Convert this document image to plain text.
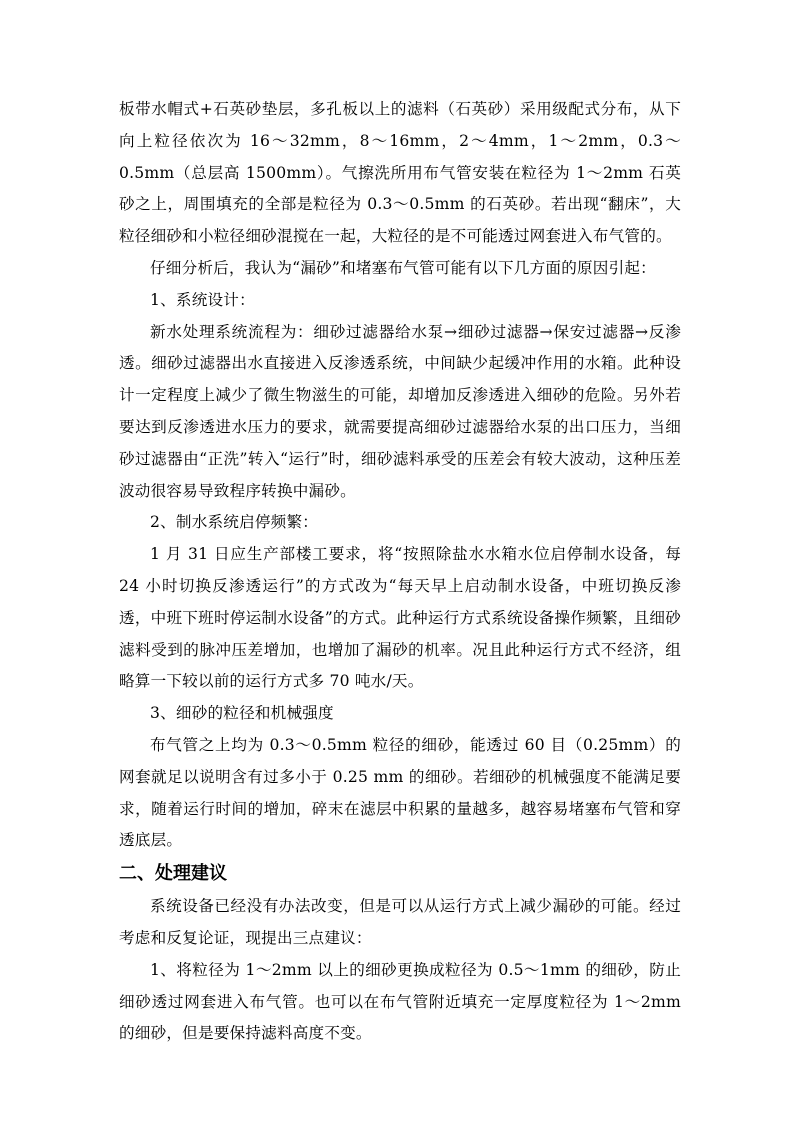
板带水帽式+石英砂垫层，多孔板以上的滤料（石英砂）采用级配式分布，从下向上粒径依次为 16～32mm，8～16mm，2～4mm，1～2mm，0.3～0.5mm（总层高 1500mm）。气擦洗所用布气管安装在粒径为 1～2mm 石英砂之上，周围填充的全部是粒径为 0.3～0.5mm 的石英砂。若出现“翻床”，大粒径细砂和小粒径细砂混搅在一起，大粒径的是不可能透过网套进入布气管的。

仔细分析后，我认为“漏砂”和堵塞布气管可能有以下几方面的原因引起：

1、系统设计：

新水处理系统流程为：细砂过滤器给水泵→细砂过滤器→保安过滤器→反渗透。细砂过滤器出水直接进入反渗透系统，中间缺少起缓冲作用的水箱。此种设计一定程度上减少了微生物滋生的可能，却增加反渗透进入细砂的危险。另外若要达到反渗透进水压力的要求，就需要提高细砂过滤器给水泵的出口压力，当细砂过滤器由“正洗”转入“运行”时，细砂滤料承受的压差会有较大波动，这种压差波动很容易导致程序转换中漏砂。

2、制水系统启停频繁：

1 月 31 日应生产部楼工要求，将“按照除盐水水箱水位启停制水设备，每 24 小时切换反渗透运行”的方式改为“每天早上启动制水设备，中班切换反渗透，中班下班时停运制水设备”的方式。此种运行方式系统设备操作频繁，且细砂滤料受到的脉冲压差增加，也增加了漏砂的机率。况且此种运行方式不经济，组略算一下较以前的运行方式多 70 吨水/天。

3、细砂的粒径和机械强度

布气管之上均为 0.3～0.5mm 粒径的细砂，能透过 60 目（0.25mm）的网套就足以说明含有过多小于 0.25 mm 的细砂。若细砂的机械强度不能满足要求，随着运行时间的增加，碎末在滤层中积累的量越多，越容易堵塞布气管和穿透底层。

二、处理建议

系统设备已经没有办法改变，但是可以从运行方式上减少漏砂的可能。经过考虑和反复论证，现提出三点建议：

1、将粒径为 1～2mm 以上的细砂更换成粒径为 0.5～1mm 的细砂，防止细砂透过网套进入布气管。也可以在布气管附近填充一定厚度粒径为 1～2mm 的细砂，但是要保持滤料高度不变。
